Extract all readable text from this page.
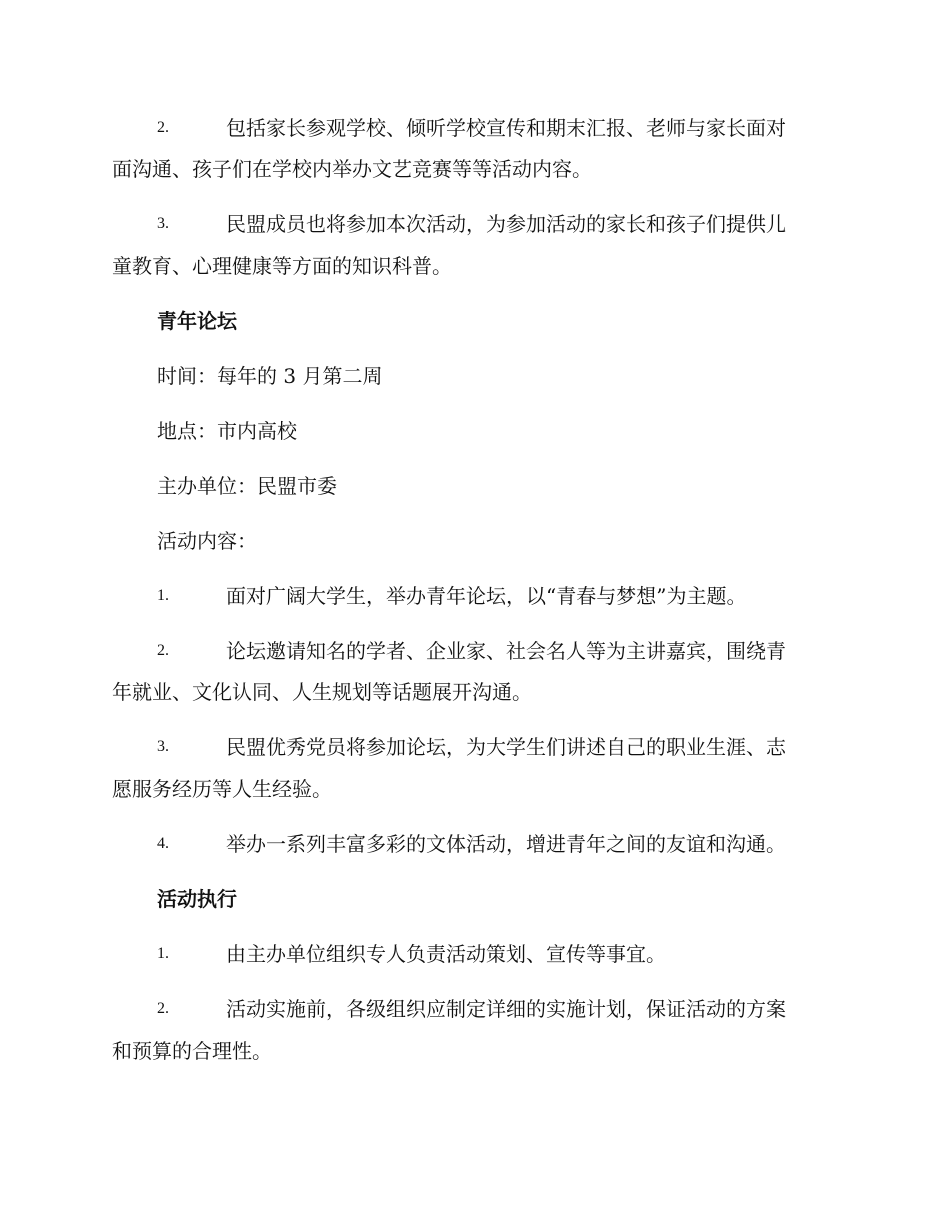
2.	包括家长参观学校、倾听学校宣传和期末汇报、老师与家长面对
面沟通、孩子们在学校内举办文艺竞赛等等活动内容。
3.	民盟成员也将参加本次活动，为参加活动的家长和孩子们提供儿
童教育、心理健康等方面的知识科普。
青年论坛
时间：每年的 3 月第二周
地点：市内高校
主办单位：民盟市委
活动内容：
1.	面对广阔大学生，举办青年论坛，以“青春与梦想”为主题。
2.	论坛邀请知名的学者、企业家、社会名人等为主讲嘉宾，围绕青
年就业、文化认同、人生规划等话题展开沟通。
3.	民盟优秀党员将参加论坛，为大学生们讲述自己的职业生涯、志
愿服务经历等人生经验。
4.	举办一系列丰富多彩的文体活动，增进青年之间的友谊和沟通。
活动执行
1.	由主办单位组织专人负责活动策划、宣传等事宜。
2.	活动实施前，各级组织应制定详细的实施计划，保证活动的方案
和预算的合理性。
